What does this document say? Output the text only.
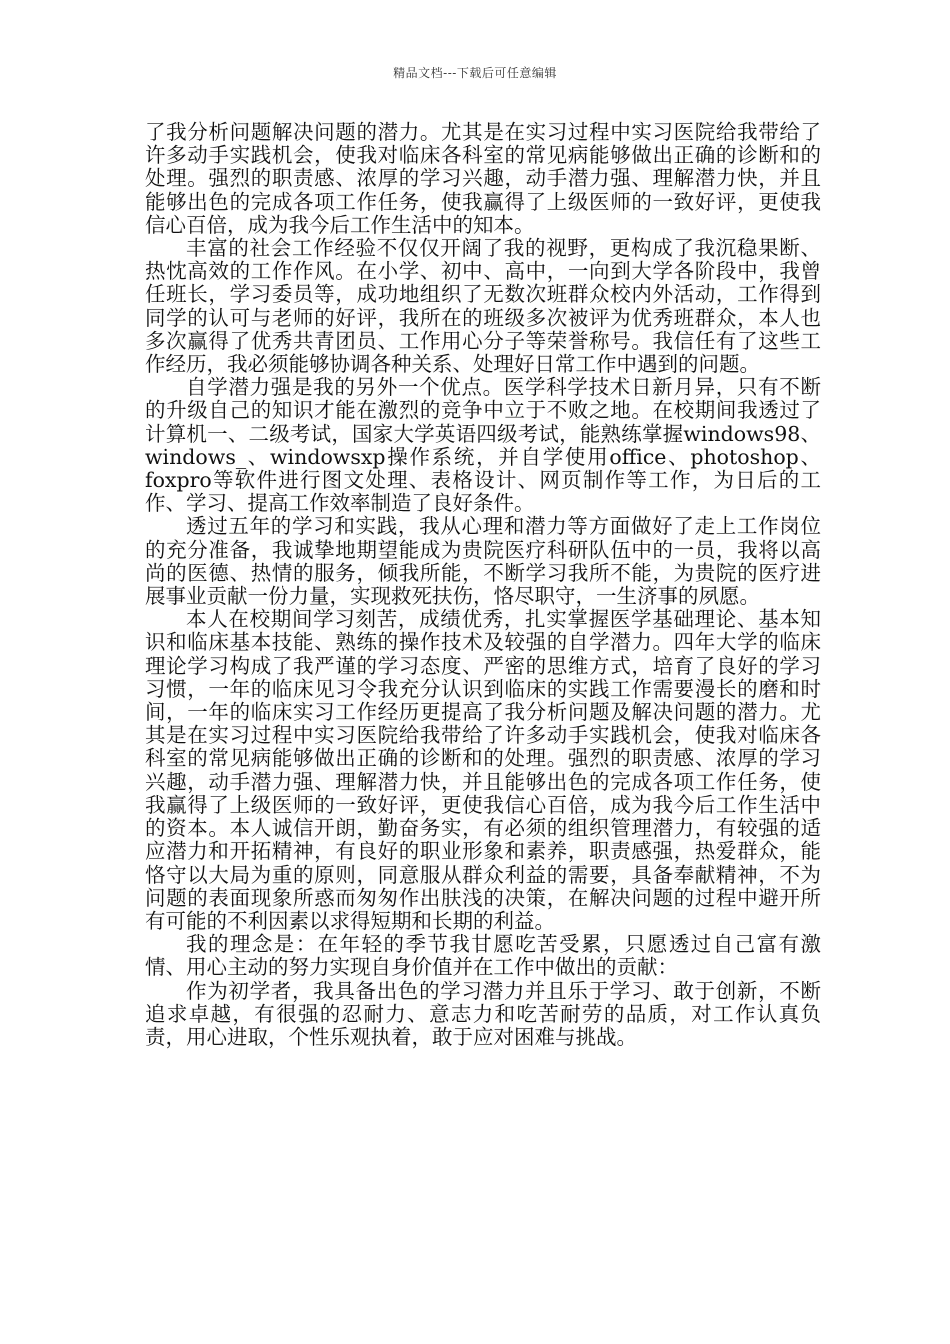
精品文档---下载后可任意编辑

了我分析问题解决问题的潜力。尤其是在实习过程中实习医院给我带给了许多动手实践机会，使我对临床各科室的常见病能够做出正确的诊断和的处理。强烈的职责感、浓厚的学习兴趣，动手潜力强、理解潜力快，并且能够出色的完成各项工作任务，使我赢得了上级医师的一致好评，更使我信心百倍，成为我今后工作生活中的知本。

丰富的社会工作经验不仅仅开阔了我的视野，更构成了我沉稳果断、热忱高效的工作作风。在小学、初中、高中，一向到大学各阶段中，我曾任班长，学习委员等，成功地组织了无数次班群众校内外活动，工作得到同学的认可与老师的好评，我所在的班级多次被评为优秀班群众，本人也多次赢得了优秀共青团员、工作用心分子等荣誉称号。我信任有了这些工作经历，我必须能够协调各种关系、处理好日常工作中遇到的问题。

自学潜力强是我的另外一个优点。医学科学技术日新月异，只有不断的升级自己的知识才能在激烈的竞争中立于不败之地。在校期间我透过了计算机一、二级考试，国家大学英语四级考试，能熟练掌握windows98、windows_、windowsxp操作系统，并自学使用office、photoshop、foxpro等软件进行图文处理、表格设计、网页制作等工作，为日后的工作、学习、提高工作效率制造了良好条件。

透过五年的学习和实践，我从心理和潜力等方面做好了走上工作岗位的充分准备，我诚挚地期望能成为贵院医疗科研队伍中的一员，我将以高尚的医德、热情的服务，倾我所能，不断学习我所不能，为贵院的医疗进展事业贡献一份力量，实现救死扶伤，恪尽职守，一生济事的夙愿。

本人在校期间学习刻苦，成绩优秀，扎实掌握医学基础理论、基本知识和临床基本技能、熟练的操作技术及较强的自学潜力。四年大学的临床理论学习构成了我严谨的学习态度、严密的思维方式，培育了良好的学习习惯，一年的临床见习令我充分认识到临床的实践工作需要漫长的磨和时间，一年的临床实习工作经历更提高了我分析问题及解决问题的潜力。尤其是在实习过程中实习医院给我带给了许多动手实践机会，使我对临床各科室的常见病能够做出正确的诊断和的处理。强烈的职责感、浓厚的学习兴趣，动手潜力强、理解潜力快，并且能够出色的完成各项工作任务，使我赢得了上级医师的一致好评，更使我信心百倍，成为我今后工作生活中的资本。本人诚信开朗，勤奋务实，有必须的组织管理潜力，有较强的适应潜力和开拓精神，有良好的职业形象和素养，职责感强，热爱群众，能恪守以大局为重的原则，同意服从群众利益的需要，具备奉献精神，不为问题的表面现象所惑而匆匆作出肤浅的决策，在解决问题的过程中避开所有可能的不利因素以求得短期和长期的利益。

我的理念是：在年轻的季节我甘愿吃苦受累，只愿透过自己富有激情、用心主动的努力实现自身价值并在工作中做出的贡献：

作为初学者，我具备出色的学习潜力并且乐于学习、敢于创新，不断追求卓越，有很强的忍耐力、意志力和吃苦耐劳的品质，对工作认真负责，用心进取，个性乐观执着，敢于应对困难与挑战。
